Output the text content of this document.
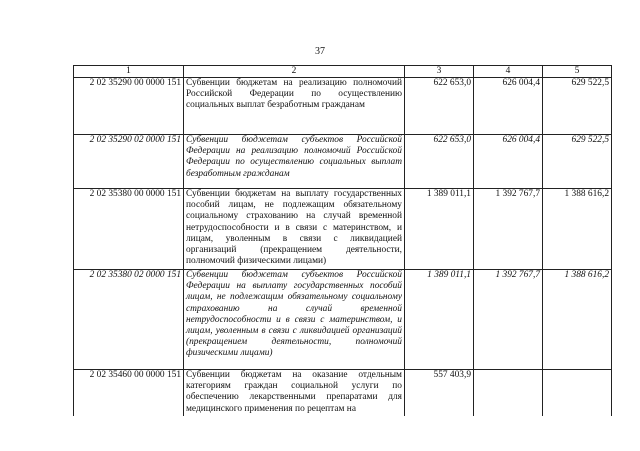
37
1	2	3	4	5
2 02 35290 00 0000 151	Субвенции бюджетам на реализацию полномочий Российской Федерации по осуществлению социальных выплат безработным гражданам	622 653,0	626 004,4	629 522,5
2 02 35290 02 0000 151	Субвенции бюджетам субъектов Российской Федерации на реализацию полномочий Российской Федерации по осуществлению социальных выплат безработным гражданам	622 653,0	626 004,4	629 522,5
2 02 35380 00 0000 151	Субвенции бюджетам на выплату государственных пособий лицам, не подлежащим обязательному социальному страхованию на случай временной нетрудоспособности и в связи с материнством, и лицам, уволенным в связи с ликвидацией организаций (прекращением деятельности, полномочий физическими лицами)	1 389 011,1	1 392 767,7	1 388 616,2
2 02 35380 02 0000 151	Субвенции бюджетам субъектов Российской Федерации на выплату государственных пособий лицам, не подлежащим обязательному социальному страхованию на случай временной нетрудоспособности и в связи с материнством, и лицам, уволенным в связи с ликвидацией организаций (прекращением деятельности, полномочий физическими лицами)	1 389 011,1	1 392 767,7	1 388 616,2
2 02 35460 00 0000 151	Субвенции бюджетам на оказание отдельным категориям граждан социальной услуги по обеспечению лекарственными препаратами для медицинского применения по рецептам на	557 403,9		
